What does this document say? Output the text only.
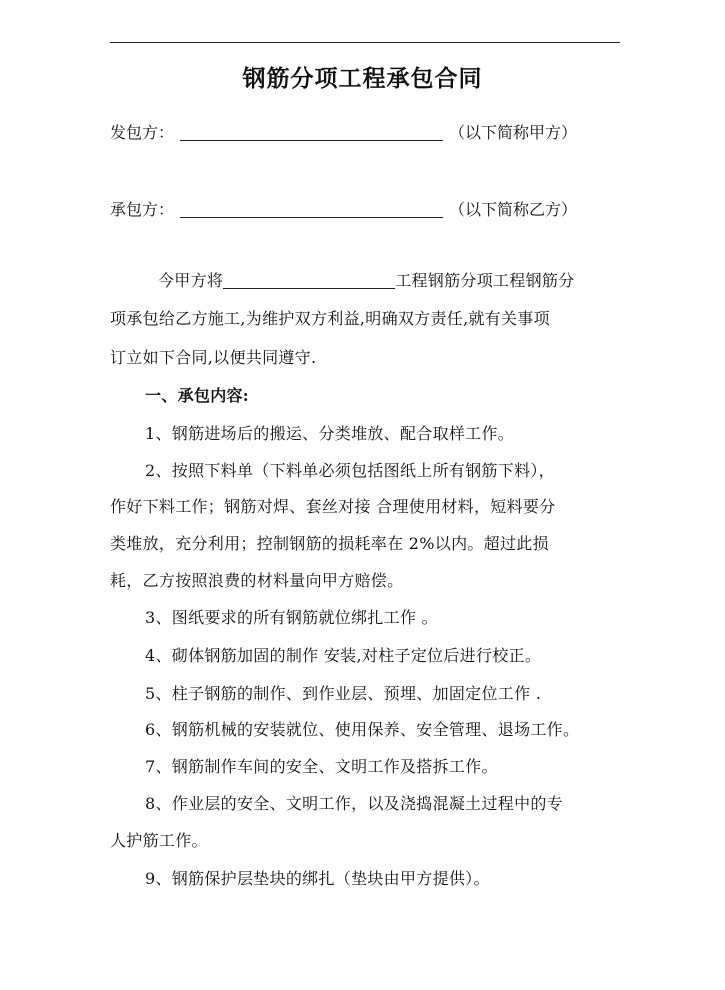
钢筋分项工程承包合同
发包方：	（以下简称甲方）
承包方：	（以下简称乙方）
今甲方将	工程钢筋分项工程钢筋分
项承包给乙方施工,为维护双方利益,明确双方责任,就有关事项
订立如下合同,以便共同遵守.
一、承包内容:
1、钢筋进场后的搬运、分类堆放、配合取样工作。
2、按照下料单（下料单必须包括图纸上所有钢筋下料），
作好下料工作；钢筋对焊、套丝对接 合理使用材料，短料要分
类堆放，充分利用；控制钢筋的损耗率在 2%以内。超过此损
耗，乙方按照浪费的材料量向甲方赔偿。
3、图纸要求的所有钢筋就位绑扎工作 。
4、砌体钢筋加固的制作 安装,对柱子定位后进行校正。
5、柱子钢筋的制作、到作业层、预埋、加固定位工作 .
6、钢筋机械的安装就位、使用保养、安全管理、退场工作。
7、钢筋制作车间的安全、文明工作及搭拆工作。
8、作业层的安全、文明工作，以及浇捣混凝土过程中的专
人护筋工作。
9、钢筋保护层垫块的绑扎（垫块由甲方提供）。
